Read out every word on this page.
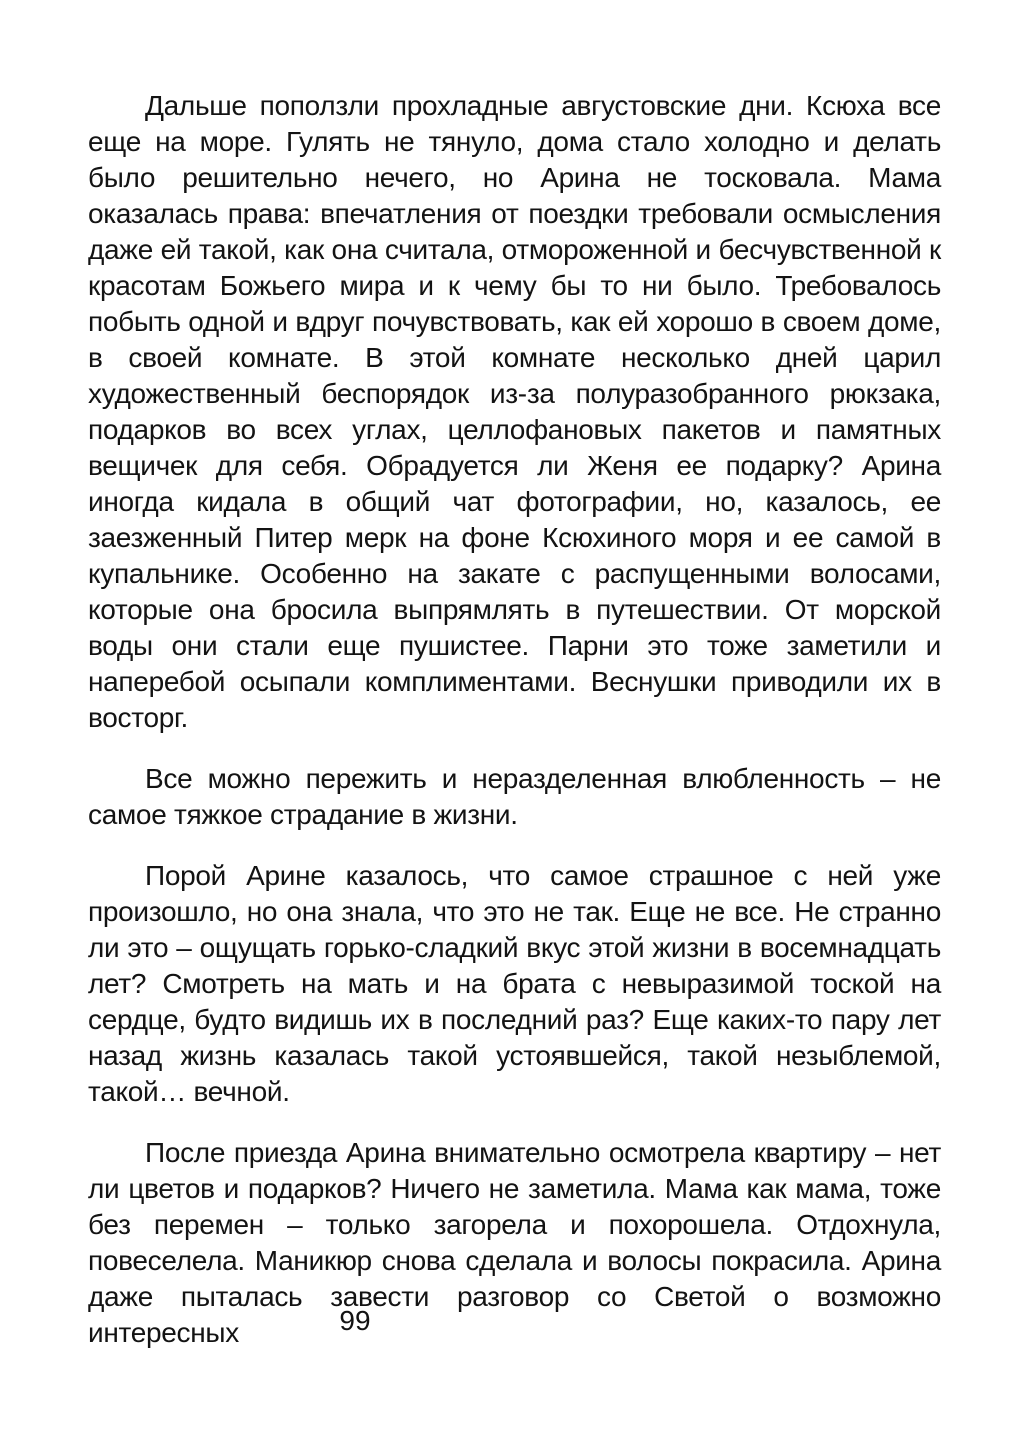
Дальше поползли прохладные августовские дни. Ксюха все еще на море. Гулять не тянуло, дома стало холодно и делать было решительно нечего, но Арина не тосковала. Мама оказалась права: впечатления от поездки требовали осмысления даже ей такой, как она считала, отмороженной и бесчувственной к красотам Божьего мира и к чему бы то ни было. Требовалось побыть одной и вдруг почувствовать, как ей хорошо в своем доме, в своей комнате. В этой комнате несколько дней царил художественный беспорядок из-за полуразобранного рюкзака, подарков во всех углах, целлофановых пакетов и памятных вещичек для себя. Обрадуется ли Женя ее подарку? Арина иногда кидала в общий чат фотографии, но, казалось, ее заезженный Питер мерк на фоне Ксюхиного моря и ее самой в купальнике. Особенно на закате с распущенными волосами, которые она бросила выпрямлять в путешествии. От морской воды они стали еще пушистее. Парни это тоже заметили и наперебой осыпали комплиментами. Веснушки приводили их в восторг.

Все можно пережить и неразделенная влюбленность – не самое тяжкое страдание в жизни.

Порой Арине казалось, что самое страшное с ней уже произошло, но она знала, что это не так. Еще не все. Не странно ли это – ощущать горько-сладкий вкус этой жизни в восемнадцать лет? Смотреть на мать и на брата с невыразимой тоской на сердце, будто видишь их в последний раз? Еще каких-то пару лет назад жизнь казалась такой устоявшейся, такой незыблемой, такой… вечной.

После приезда Арина внимательно осмотрела квартиру – нет ли цветов и подарков? Ничего не заметила. Мама как мама, тоже без перемен – только загорела и похорошела. Отдохнула, повеселела. Маникюр снова сделала и волосы покрасила. Арина даже пыталась завести разговор со Светой о возможно интересных	99
